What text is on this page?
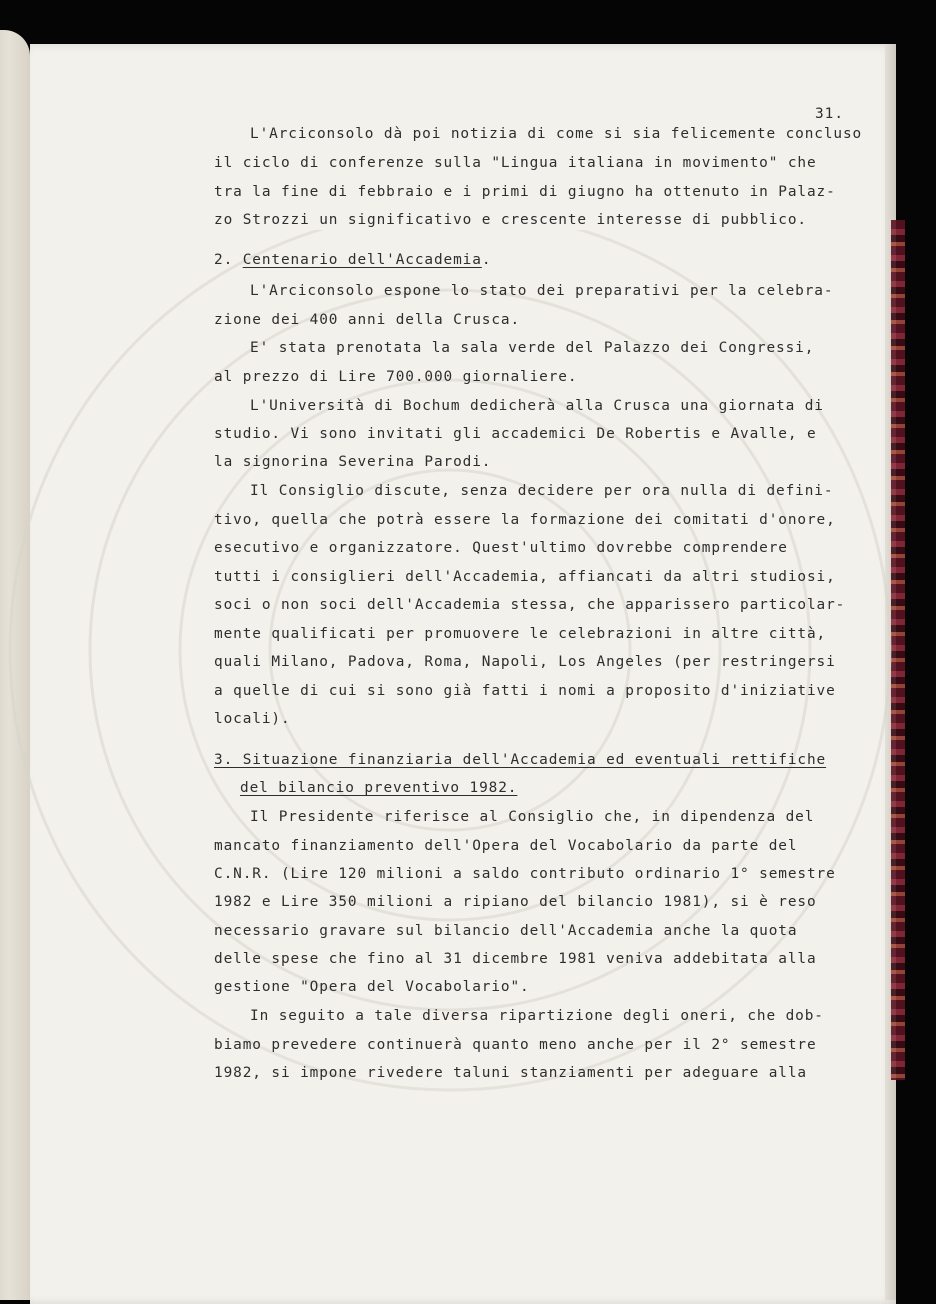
31.
L'Arciconsolo dà poi notizia di come si sia felicemente concluso
il ciclo di conferenze sulla "Lingua italiana in movimento" che
tra la fine di febbraio e i primi di giugno ha ottenuto in Palaz-
zo Strozzi un significativo e crescente interesse di pubblico.
2. Centenario dell'Accademia.
L'Arciconsolo espone lo stato dei preparativi per la celebra-
zione dei 400 anni della Crusca.
E' stata prenotata la sala verde del Palazzo dei Congressi,
al prezzo di Lire 700.000 giornaliere.
L'Università di Bochum dedicherà alla Crusca una giornata di
studio. Vi sono invitati gli accademici De Robertis e Avalle, e
la signorina Severina Parodi.
Il Consiglio discute, senza decidere per ora nulla di defini-
tivo, quella che potrà essere la formazione dei comitati d'onore,
esecutivo e organizzatore. Quest'ultimo dovrebbe comprendere
tutti i consiglieri dell'Accademia, affiancati da altri studiosi,
soci o non soci dell'Accademia stessa, che apparissero particolar-
mente qualificati per promuovere le celebrazioni in altre città,
quali Milano, Padova, Roma, Napoli, Los Angeles (per restringersi
a quelle di cui si sono già fatti i nomi a proposito d'iniziative
locali).
3. Situazione finanziaria dell'Accademia ed eventuali rettifiche
del bilancio preventivo 1982.
Il Presidente riferisce al Consiglio che, in dipendenza del
mancato finanziamento dell'Opera del Vocabolario da parte del
C.N.R. (Lire 120 milioni a saldo contributo ordinario 1° semestre
1982 e Lire 350 milioni a ripiano del bilancio 1981), si è reso
necessario gravare sul bilancio dell'Accademia anche la quota
delle spese che fino al 31 dicembre 1981 veniva addebitata alla
gestione "Opera del Vocabolario".
In seguito a tale diversa ripartizione degli oneri, che dob-
biamo prevedere continuerà quanto meno anche per il 2° semestre
1982, si impone rivedere taluni stanziamenti per adeguare alla
